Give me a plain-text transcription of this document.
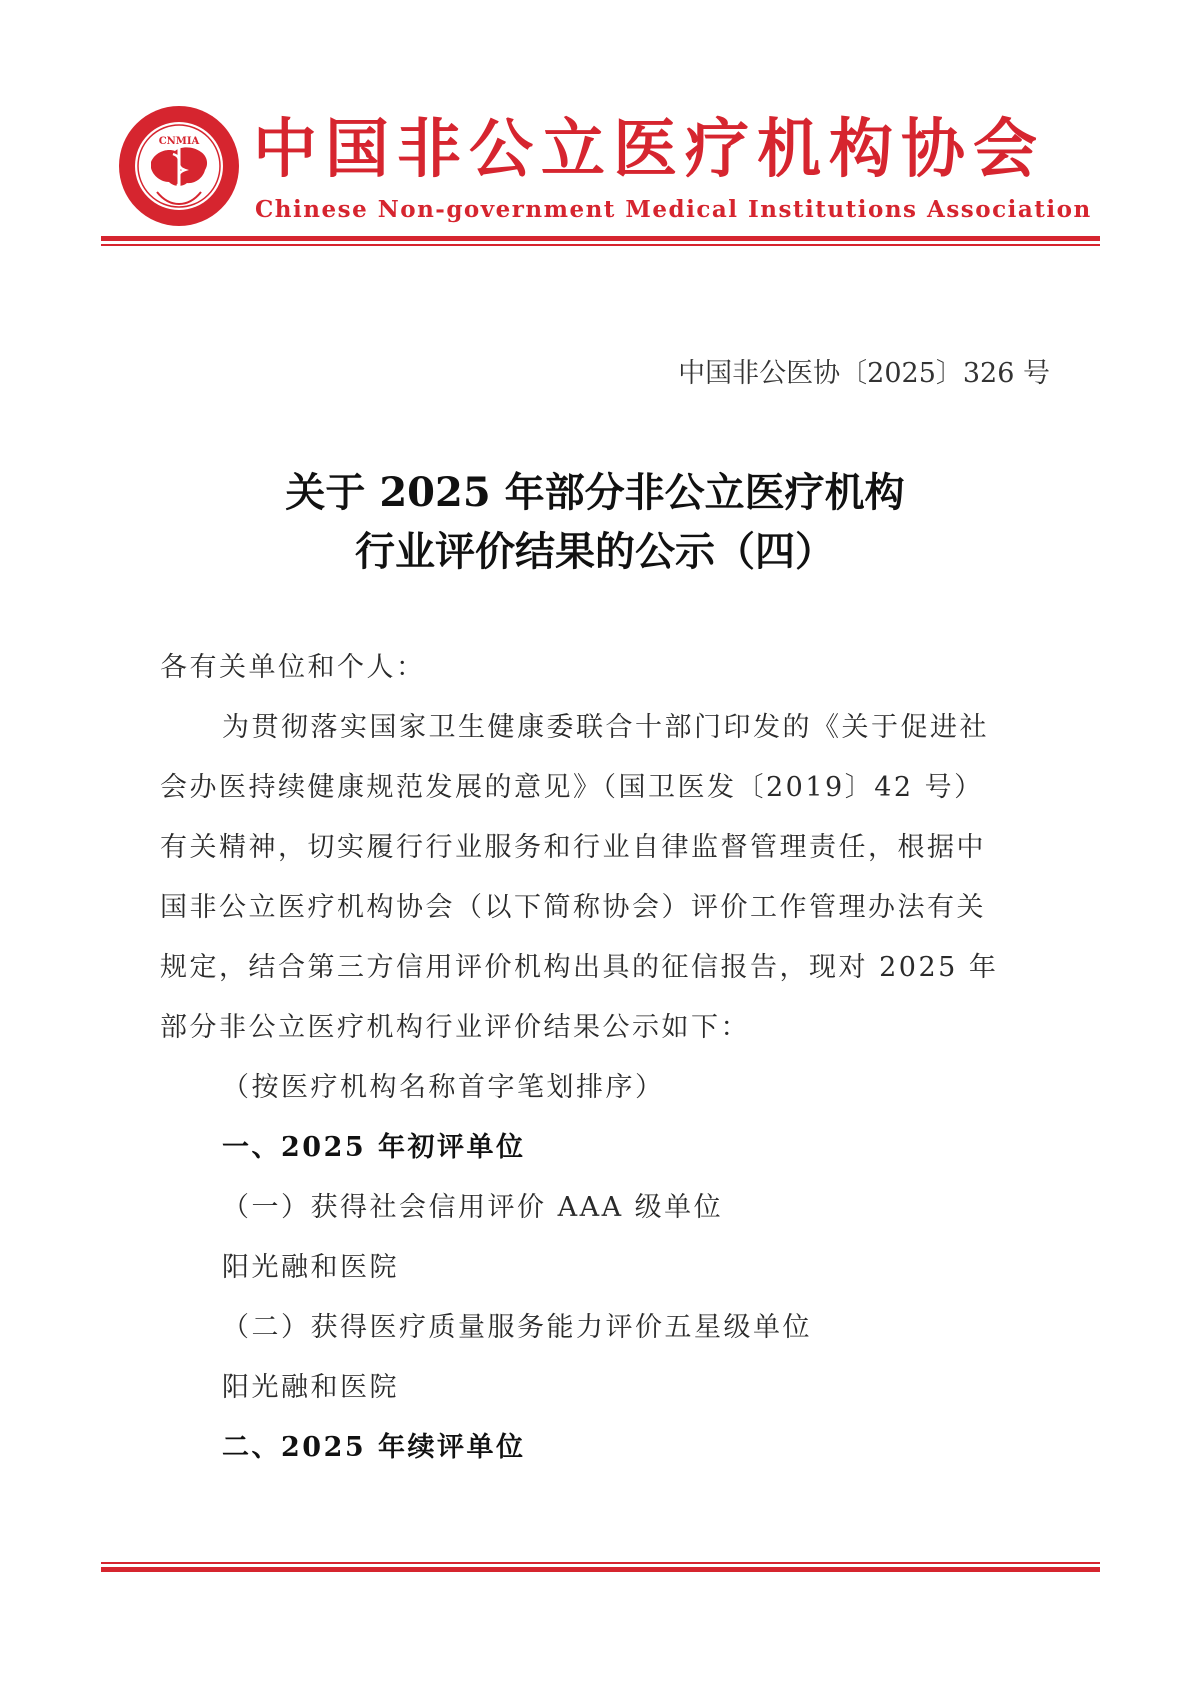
CNMIA 中国非公立医疗机构协会
Chinese Non-government Medical Institutions Association
中国非公医协〔2025〕326 号
关于 2025 年部分非公立医疗机构
行业评价结果的公示（四）
各有关单位和个人：
为贯彻落实国家卫生健康委联合十部门印发的《关于促进社
会办医持续健康规范发展的意见》（国卫医发〔2019〕42 号）
有关精神，切实履行行业服务和行业自律监督管理责任，根据中
国非公立医疗机构协会（以下简称协会）评价工作管理办法有关
规定，结合第三方信用评价机构出具的征信报告，现对 2025 年
部分非公立医疗机构行业评价结果公示如下：
（按医疗机构名称首字笔划排序）
一、2025 年初评单位
（一）获得社会信用评价 AAA 级单位
阳光融和医院
（二）获得医疗质量服务能力评价五星级单位
阳光融和医院
二、2025 年续评单位
